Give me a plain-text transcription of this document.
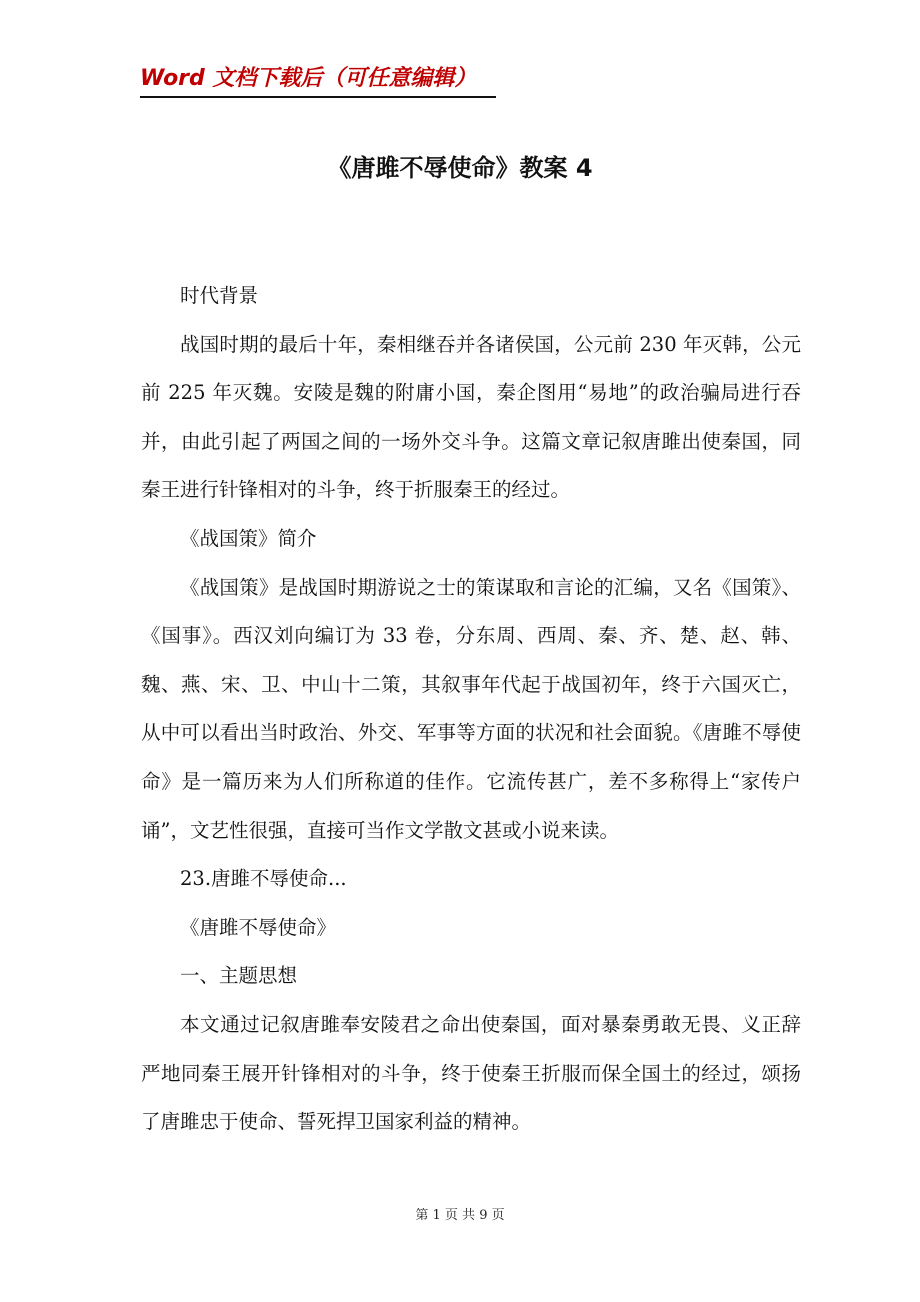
Word 文档下载后（可任意编辑）
《唐雎不辱使命》教案 4

时代背景

战国时期的最后十年，秦相继吞并各诸侯国，公元前 230 年灭韩，公元前 225 年灭魏。安陵是魏的附庸小国，秦企图用“易地”的政治骗局进行吞并，由此引起了两国之间的一场外交斗争。这篇文章记叙唐雎出使秦国，同秦王进行针锋相对的斗争，终于折服秦王的经过。

《战国策》简介

《战国策》是战国时期游说之士的策谋取和言论的汇编，又名《国策》、《国事》。西汉刘向编订为 33 卷，分东周、西周、秦、齐、楚、赵、韩、魏、燕、宋、卫、中山十二策，其叙事年代起于战国初年，终于六国灭亡，从中可以看出当时政治、外交、军事等方面的状况和社会面貌。《唐雎不辱使命》是一篇历来为人们所称道的佳作。它流传甚广，差不多称得上“家传户诵”，文艺性很强，直接可当作文学散文甚或小说来读。

23.唐雎不辱使命...

《唐雎不辱使命》

一、主题思想

本文通过记叙唐雎奉安陵君之命出使秦国，面对暴秦勇敢无畏、义正辞严地同秦王展开针锋相对的斗争，终于使秦王折服而保全国土的经过，颂扬了唐雎忠于使命、誓死捍卫国家利益的精神。

第 1 页 共 9 页
